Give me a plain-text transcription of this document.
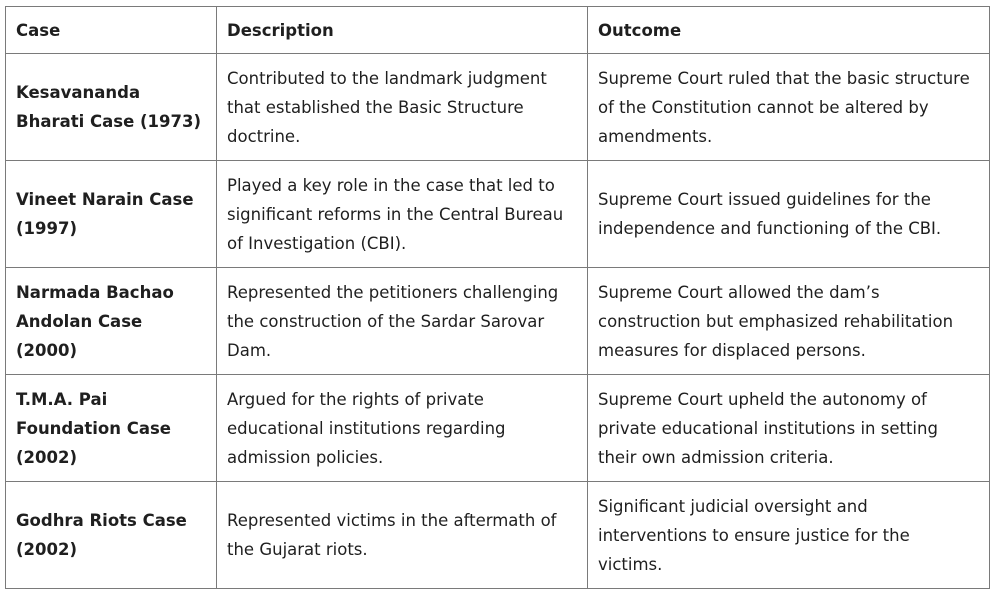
Case	Description	Outcome
Kesavananda Bharati Case (1973)	Contributed to the landmark judgment that established the Basic Structure doctrine.	Supreme Court ruled that the basic structure of the Constitution cannot be altered by amendments.
Vineet Narain Case (1997)	Played a key role in the case that led to significant reforms in the Central Bureau of Investigation (CBI).	Supreme Court issued guidelines for the independence and functioning of the CBI.
Narmada Bachao Andolan Case (2000)	Represented the petitioners challenging the construction of the Sardar Sarovar Dam.	Supreme Court allowed the dam’s construction but emphasized rehabilitation measures for displaced persons.
T.M.A. Pai Foundation Case (2002)	Argued for the rights of private educational institutions regarding admission policies.	Supreme Court upheld the autonomy of private educational institutions in setting their own admission criteria.
Godhra Riots Case (2002)	Represented victims in the aftermath of the Gujarat riots.	Significant judicial oversight and interventions to ensure justice for the victims.
